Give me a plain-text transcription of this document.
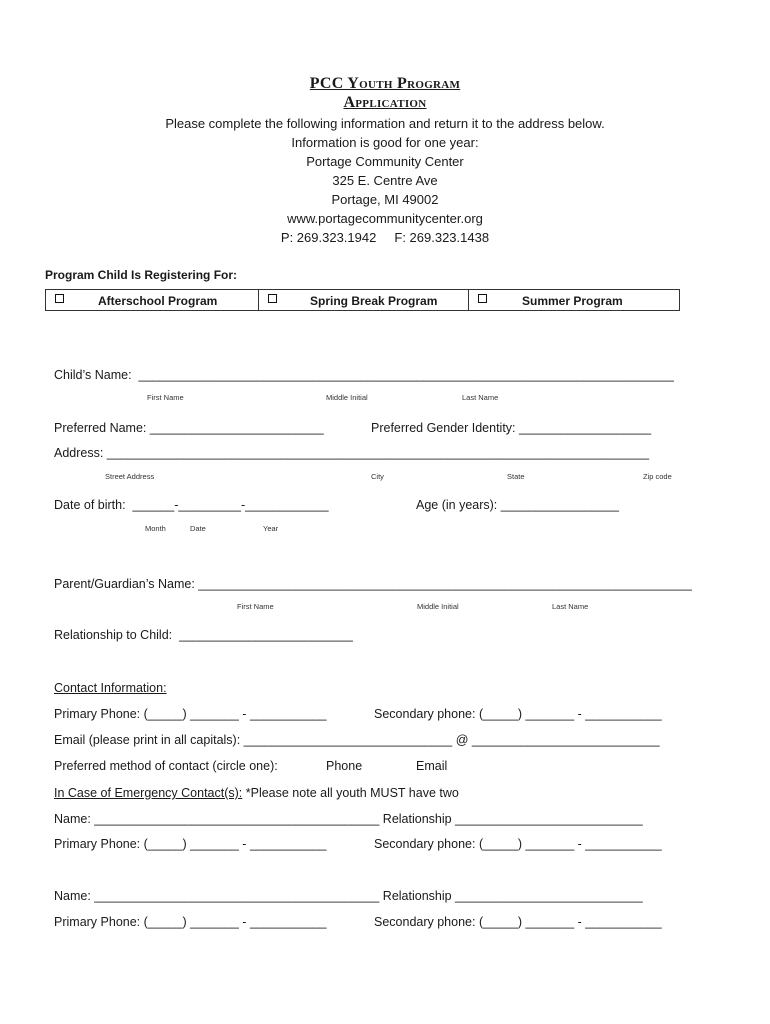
PCC Youth Program
Application
Please complete the following information and return it to the address below.
Information is good for one year:
Portage Community Center
325 E. Centre Ave
Portage, MI 49002
www.portagecommunitycenter.org
P: 269.323.1942     F: 269.323.1438
Program Child Is Registering For:
Afterschool Program	Spring Break Program	Summer Program
Child’s Name:  _____________________________________________________________________________
First Name	Middle Initial	Last Name
Preferred Name: _________________________	Preferred Gender Identity: ___________________
Address: ______________________________________________________________________________
Street Address	City	State	Zip code
Date of birth:  ______-_________-____________	Age (in years): _________________
Month	Date	Year
Parent/Guardian’s Name: _______________________________________________________________________
First Name	Middle Initial	Last Name
Relationship to Child:  _________________________
Contact Information:
Primary Phone: (_____) _______ - ___________	Secondary phone: (_____) _______ - ___________
Email (please print in all capitals): ______________________________ @ ___________________________
Preferred method of contact (circle one):	Phone	Email
In Case of Emergency Contact(s): *Please note all youth MUST have two
Name: _________________________________________ Relationship ___________________________
Primary Phone: (_____) _______ - ___________	Secondary phone: (_____) _______ - ___________
Name: _________________________________________ Relationship ___________________________
Primary Phone: (_____) _______ - ___________	Secondary phone: (_____) _______ - ___________
